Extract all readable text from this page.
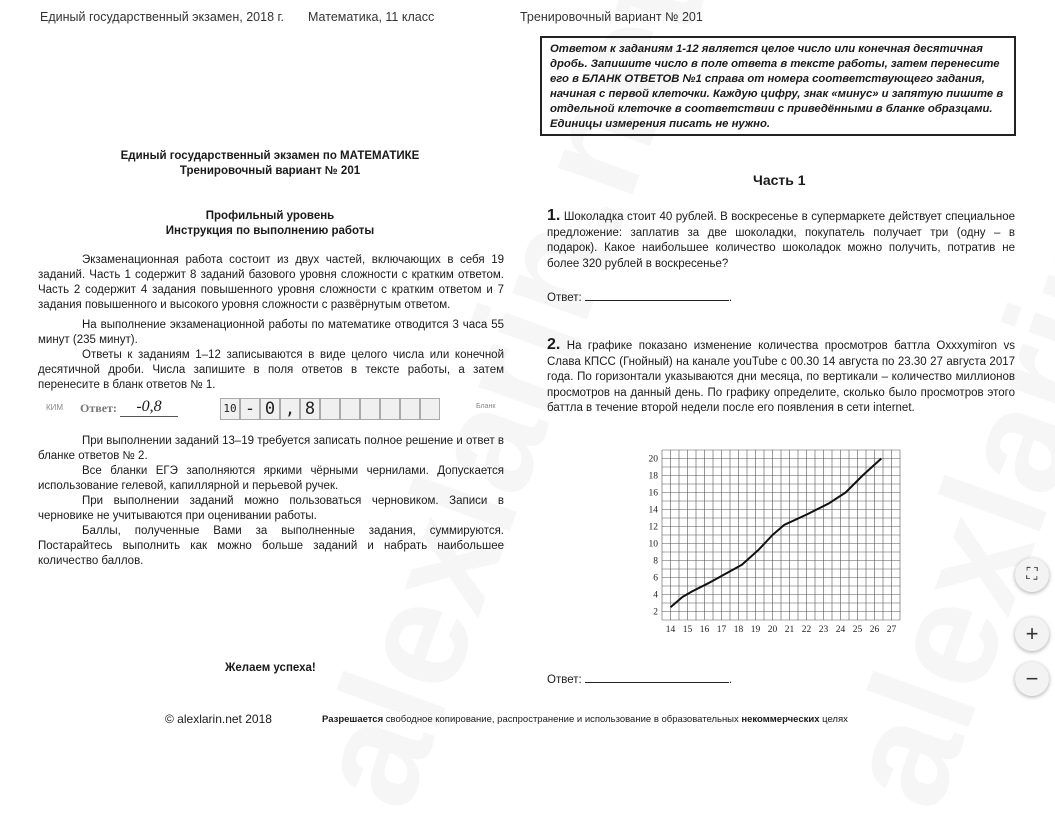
Единый государственный экзамен, 2018 г. Математика, 11 класс	Тренировочный вариант № 201
Единый государственный экзамен по МАТЕМАТИКЕ
Тренировочный вариант № 201
Профильный уровень
Инструкция по выполнению работы

Экзаменационная работа состоит из двух частей, включающих в себя 19 заданий. Часть 1 содержит 8 заданий базового уровня сложности с кратким ответом. Часть 2 содержит 4 задания повышенного уровня сложности с кратким ответом и 7 задания повышенного и высокого уровня сложности с развёрнутым ответом.

На выполнение экзаменационной работы по математике отводится 3 часа 55 минут (235 минут).

Ответы к заданиям 1–12 записываются в виде целого числа или конечной десятичной дроби. Числа запишите в поля ответов в тексте работы, а затем перенесите в бланк ответов № 1.

КИМ Ответ:	-0,8	10 - 0 , 8	Бланк

При выполнении заданий 13–19 требуется записать полное решение и ответ в бланке ответов № 2.

Все бланки ЕГЭ заполняются яркими чёрными чернилами. Допускается использование гелевой, капиллярной и перьевой ручек.

При выполнении заданий можно пользоваться черновиком. Записи в черновике не учитываются при оценивании работы.

Баллы, полученные Вами за выполненные задания, суммируются. Постарайтесь выполнить как можно больше заданий и набрать наибольшее количество баллов.

Желаем успеха!
Ответом к заданиям 1-12 является целое число или конечная десятичная дробь. Запишите число в поле ответа в тексте работы, затем перенесите его в БЛАНК ОТВЕТОВ №1 справа от номера соответствующего задания, начиная с первой клеточки. Каждую цифру, знак «минус» и запятую пишите в отдельной клеточке в соответствии с приведёнными в бланке образцами. Единицы измерения писать не нужно.
Часть 1
1. Шоколадка стоит 40 рублей. В воскресенье в супермаркете действует специальное предложение: заплатив за две шоколадки, покупатель получает три (одну – в подарок). Какое наибольшее количество шоколадок можно получить, потратив не более 320 рублей в воскресенье?
Ответ:	.
2. На графике показано изменение количества просмотров баттла Oxxxymiron vs Слава КПСС (Гнойный) на канале youTube с 00.30 14 августа по 23.30 27 августа 2017 года. По горизонтали указываются дни месяца, по вертикали – количество миллионов просмотров на данный день. По графику определите, сколько было просмотров этого баттла в течение второй недели после его появления в сети internet.
2
4
6
8
10
12
14
16
18
20
14 15 16 17 18 19 20 21 22 23 24 25 26 27
Ответ:	.
⛶
+
−
© alexlarin.net 2018	Разрешается свободное копирование, распространение и использование в образовательных некоммерческих целях
